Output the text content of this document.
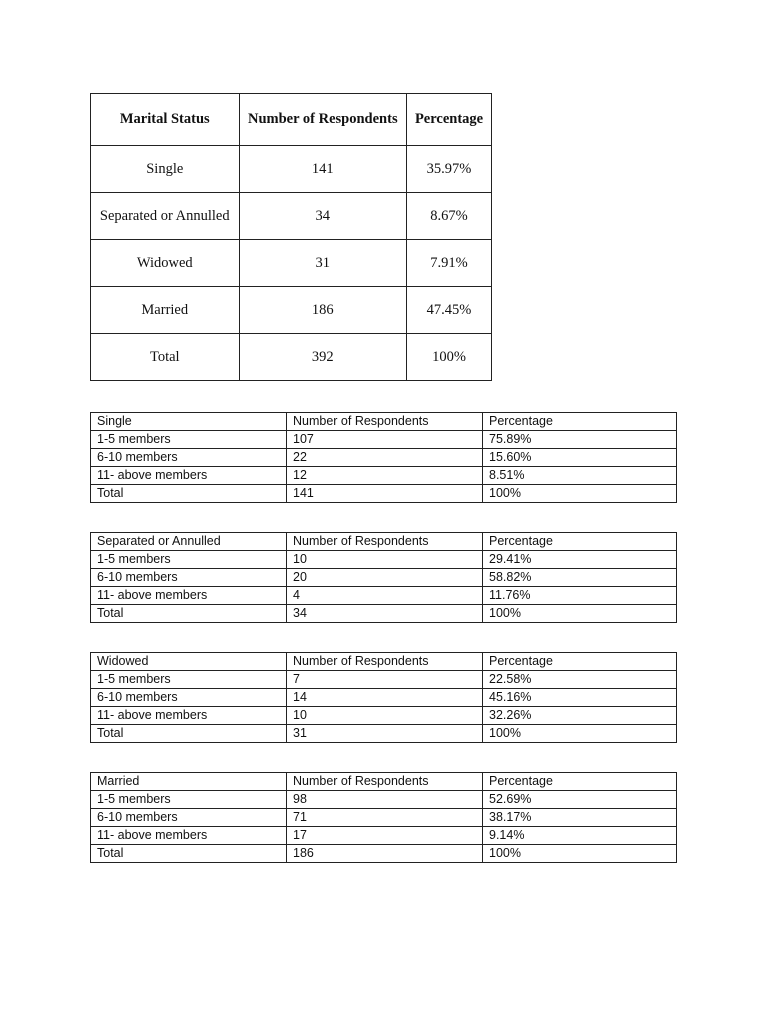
Marital Status	Number of Respondents	Percentage
Single	141	35.97%
Separated or Annulled	34	8.67%
Widowed	31	7.91%
Married	186	47.45%
Total	392	100%
Single	Number of Respondents	Percentage
1-5 members	107	75.89%
6-10 members	22	15.60%
11- above members	12	8.51%
Total	141	100%
Separated or Annulled	Number of Respondents	Percentage
1-5 members	10	29.41%
6-10 members	20	58.82%
11- above members	4	11.76%
Total	34	100%
Widowed	Number of Respondents	Percentage
1-5 members	7	22.58%
6-10 members	14	45.16%
11- above members	10	32.26%
Total	31	100%
Married	Number of Respondents	Percentage
1-5 members	98	52.69%
6-10 members	71	38.17%
11- above members	17	9.14%
Total	186	100%
